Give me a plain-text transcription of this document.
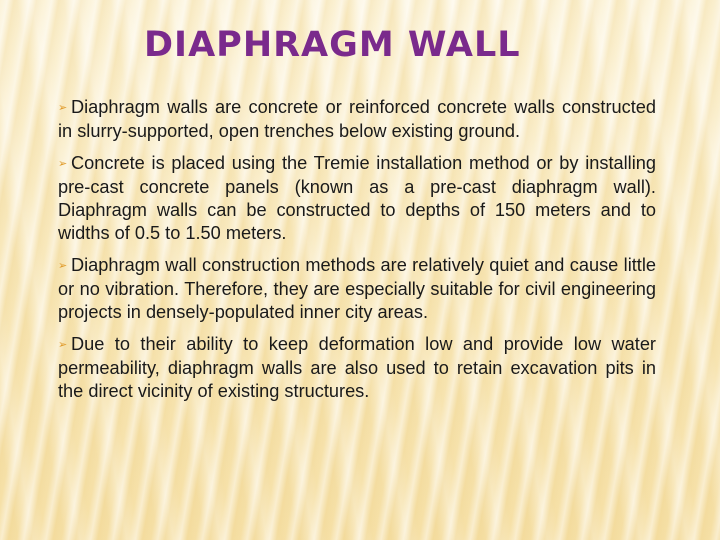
DIAPHRAGM WALL

➢ Diaphragm walls are concrete or reinforced concrete walls constructed in slurry-supported, open trenches below existing ground.

➢ Concrete is placed using the Tremie installation method or by installing pre-cast concrete panels (known as a pre-cast diaphragm wall). Diaphragm walls can be constructed to depths of 150 meters and to widths of 0.5 to 1.50 meters.

➢ Diaphragm wall construction methods are relatively quiet and cause little or no vibration. Therefore, they are especially suitable for civil engineering projects in densely-populated inner city areas.

➢ Due to their ability to keep deformation low and provide low water permeability, diaphragm walls are also used to retain excavation pits in the direct vicinity of existing structures.
